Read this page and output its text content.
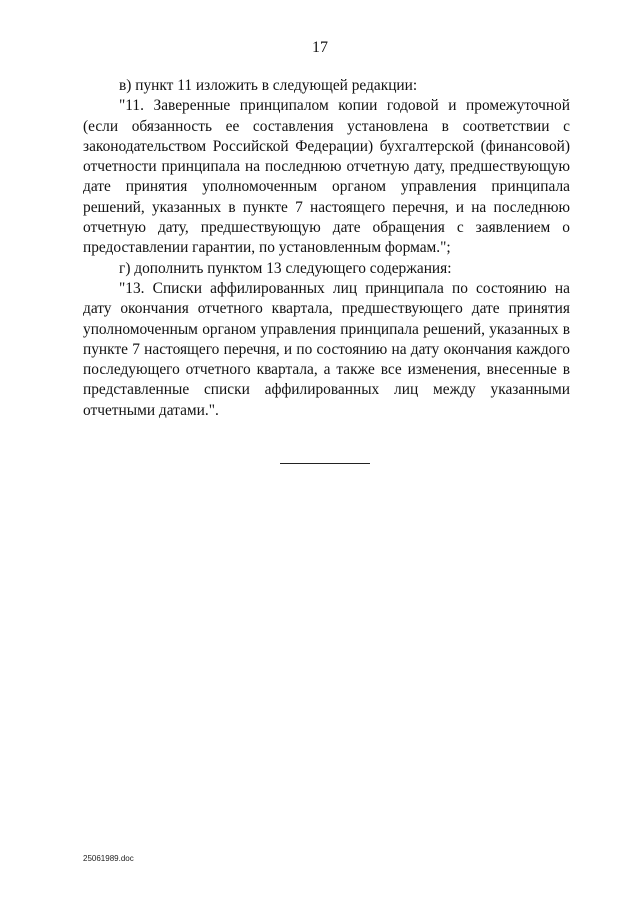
17

в) пункт 11 изложить в следующей редакции:

"11. Заверенные принципалом копии годовой и промежуточной (если обязанность ее составления установлена в соответствии с законодательством Российской Федерации) бухгалтерской (финансовой) отчетности принципала на последнюю отчетную дату, предшествующую дате принятия уполномоченным органом управления принципала решений, указанных в пункте 7 настоящего перечня, и на последнюю отчетную дату, предшествующую дате обращения с заявлением о предоставлении гарантии, по установленным формам.";

г) дополнить пунктом 13 следующего содержания:

"13. Списки аффилированных лиц принципала по состоянию на дату окончания отчетного квартала, предшествующего дате принятия уполномоченным органом управления принципала решений, указанных в пункте 7 настоящего перечня, и по состоянию на дату окончания каждого последующего отчетного квартала, а также все изменения, внесенные в представленные списки аффилированных лиц между указанными отчетными датами.".

25061989.doc
